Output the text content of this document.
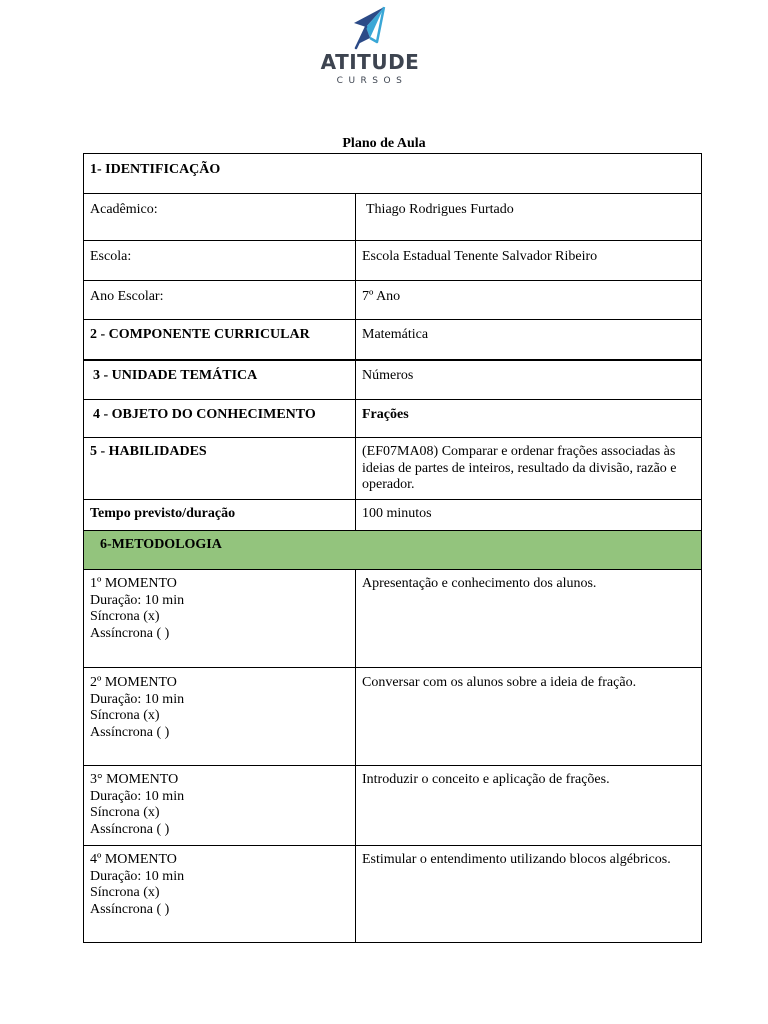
ATITUDE
CURSOS
Plano de Aula
1- IDENTIFICAÇÃO	
Acadêmico:	Thiago Rodrigues Furtado
Escola:	Escola Estadual Tenente Salvador Ribeiro
Ano Escolar:	7º Ano
2 - COMPONENTE CURRICULAR	Matemática
3 - UNIDADE TEMÁTICA	Números
4 - OBJETO DO CONHECIMENTO	Frações
5 - HABILIDADES	(EF07MA08) Comparar e ordenar frações associadas às ideias de partes de inteiros, resultado da divisão, razão e operador.
Tempo previsto/duração	100 minutos
6-METODOLOGIA	
1º MOMENTO
Duração: 10 min
Síncrona (x)
Assíncrona ( )	Apresentação e conhecimento dos alunos.
2º MOMENTO
Duração: 10 min
Síncrona (x)
Assíncrona ( )	Conversar com os alunos sobre a ideia de fração.
3° MOMENTO
Duração: 10 min
Síncrona (x)
Assíncrona ( )	Introduzir o conceito e aplicação de frações.
4º MOMENTO
Duração: 10 min
Síncrona (x)
Assíncrona ( )	Estimular o entendimento utilizando blocos algébricos.
